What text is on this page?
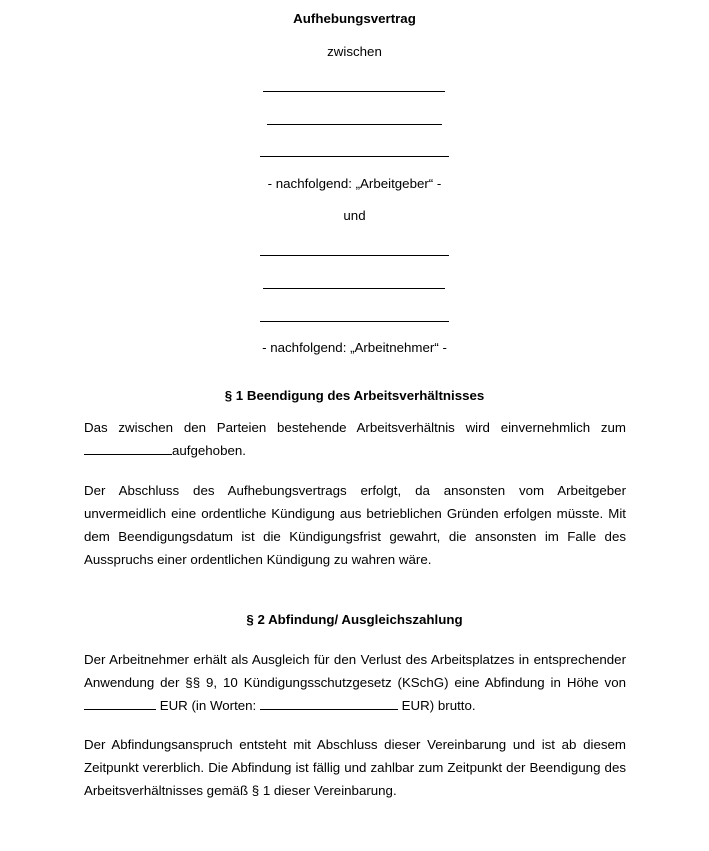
Aufhebungsvertrag
zwischen
- nachfolgend: „Arbeitgeber“ -
und
- nachfolgend: „Arbeitnehmer“ -
§ 1 Beendigung des Arbeitsverhältnisses

Das zwischen den Parteien bestehende Arbeitsverhältnis wird einvernehmlich zum aufgehoben.

Der Abschluss des Aufhebungsvertrags erfolgt, da ansonsten vom Arbeitgeber unvermeidlich eine ordentliche Kündigung aus betrieblichen Gründen erfolgen müsste. Mit dem Beendigungsdatum ist die Kündigungsfrist gewahrt, die ansonsten im Falle des Ausspruchs einer ordentlichen Kündigung zu wahren wäre.

§ 2 Abfindung/ Ausgleichszahlung

Der Arbeitnehmer erhält als Ausgleich für den Verlust des Arbeitsplatzes in entsprechender Anwendung der §§ 9, 10 Kündigungsschutzgesetz (KSchG) eine Abfindung in Höhe von  EUR (in Worten:	EUR) brutto.

Der Abfindungsanspruch entsteht mit Abschluss dieser Vereinbarung und ist ab diesem Zeitpunkt vererblich. Die Abfindung ist fällig und zahlbar zum Zeitpunkt der Beendigung des Arbeitsverhältnisses gemäß § 1 dieser Vereinbarung.
